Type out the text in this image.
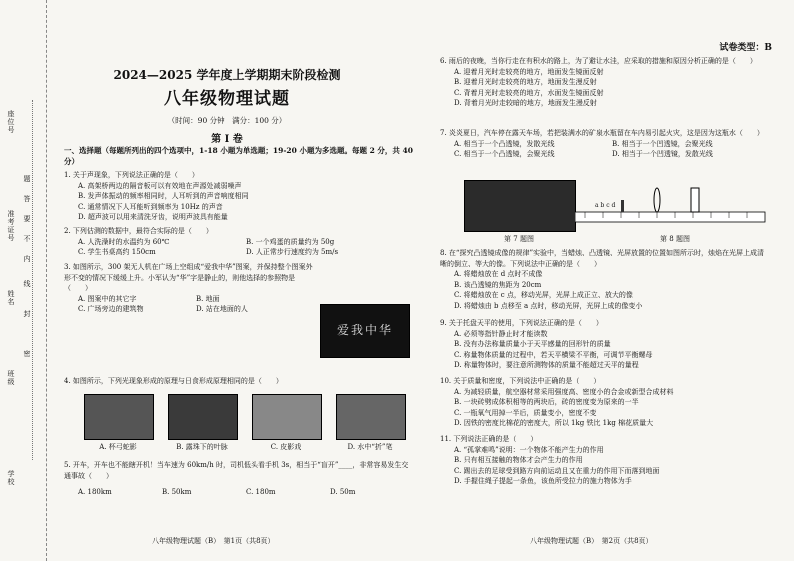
学校
班级
姓名
准考证号
座位号
密
封
线
内
不
要
答
题
2024—2025 学年度上学期期末阶段检测
八年级物理试题
（时间：90 分钟　满分：100 分）
第 Ⅰ 卷
一、选择题（每题所列出的四个选项中，1-18 小题为单选题；19-20 小题为多选题。每题 2 分，共 40 分）
1. 关于声现象，下列说法正确的是（　　）
A. 高架桥两边的隔音板可以有效地在声源处减弱噪声
B. 发声体振动的频率相同时，人耳听到的声音响度相同
C. 通常情况下人耳能听到频率为 10Hz 的声音
D. 超声波可以用来清洗牙齿，说明声波具有能量
2. 下列估测的数据中，最符合实际的是（　　）
A. 人洗澡时的水温约为 60℃	B. 一个鸡蛋的质量约为 50g
C. 学生书桌高约 150cm	D. 人正常步行速度约为 5m/s
3. 如图所示，300 架无人机在广场上空组成“爱我中华”图案，并保持整个图案外形不变的情况下缓缓上升。小军认为“华”字是静止的，则他选择的参照物是（　　）
A. 图案中的其它字	B. 地面
C. 广场旁边的建筑物	D. 站在地面的人
爱我中华
4. 如图所示，下列光现象形成的原理与日食形成原理相同的是（　　）
A. 杯弓蛇影	B. 露珠下的叶脉	C. 皮影戏	D. 水中“折”笔
5. 开车，开车也不能瞎开机！当车速为 60km/h 时，司机低头看手机 3s，相当于“盲开”____，非常容易发生交通事故（　　）
A. 180km	B. 50km	C. 180m	D. 50m
八年级物理试题（B）　第1页（共8页）
试卷类型：B
6. 雨后的夜晚，当你行走在有积水的路上，为了避让水洼，应采取的措施和原因分析正确的是（　　）
A. 迎着月光时走较亮的地方，地面发生镜面反射
B. 迎着月光时走较亮的地方，地面发生漫反射
C. 背着月光时走较亮的地方，水面发生镜面反射
D. 背着月光时走较暗的地方，地面发生漫反射
7. 炎炎夏日，汽车停在露天车场，若把装满水的矿泉水瓶留在车内易引起火灾，这是因为这瓶水（　　）
A. 相当于一个凸透镜，发散光线	B. 相当于一个凹透镜，会聚光线
C. 相当于一个凸透镜，会聚光线	D. 相当于一个凹透镜，发散光线
a b c d
第 7 题图	第 8 题图
8. 在“探究凸透镜成像的规律”实验中，当蜡烛、凸透镜、光屏放置的位置如图所示时，烛焰在光屏上成清晰的倒立、等大的像。下列说法中正确的是（　　）
A. 将蜡烛放在 d 点时不成像
B. 该凸透镜的焦距为 20cm
C. 将蜡烛放在 c 点，移动光屏，光屏上成正立、放大的像
D. 将蜡烛由 b 点移至 a 点时，移动光屏，光屏上成的像变小
9. 关于托盘天平的使用，下列说法正确的是（　　）
A. 必须等指针静止时才能读数
B. 没有办法称量质量小于天平感量的回形针的质量
C. 称量物体质量的过程中，若天平横梁不平衡，可调节平衡螺母
D. 称量物体时，要注意所测物体的质量不能超过天平的量程
10. 关于质量和密度，下列说法中正确的是（　　）
A. 为减轻质量，航空器材常采用强度高、密度小的合金或新型合成材料
B. 一块砖劈成体积相等的两块后，砖的密度变为原来的一半
C. 一瓶氧气用掉一半后，质量变小，密度不变
D. 因铁的密度比棉花的密度大，所以 1kg 铁比 1kg 棉花质量大
11. 下列说法正确的是（　　）
A. “孤掌难鸣”说明：一个物体不能产生力的作用
B. 只有相互接触的物体才会产生力的作用
C. 踢出去的足球受到路方向前运动且又在重力的作用下而落到地面
D. 手握住绳子提起一条鱼，该鱼所受拉力的施力物体为手
八年级物理试题（B）　第2页（共8页）
